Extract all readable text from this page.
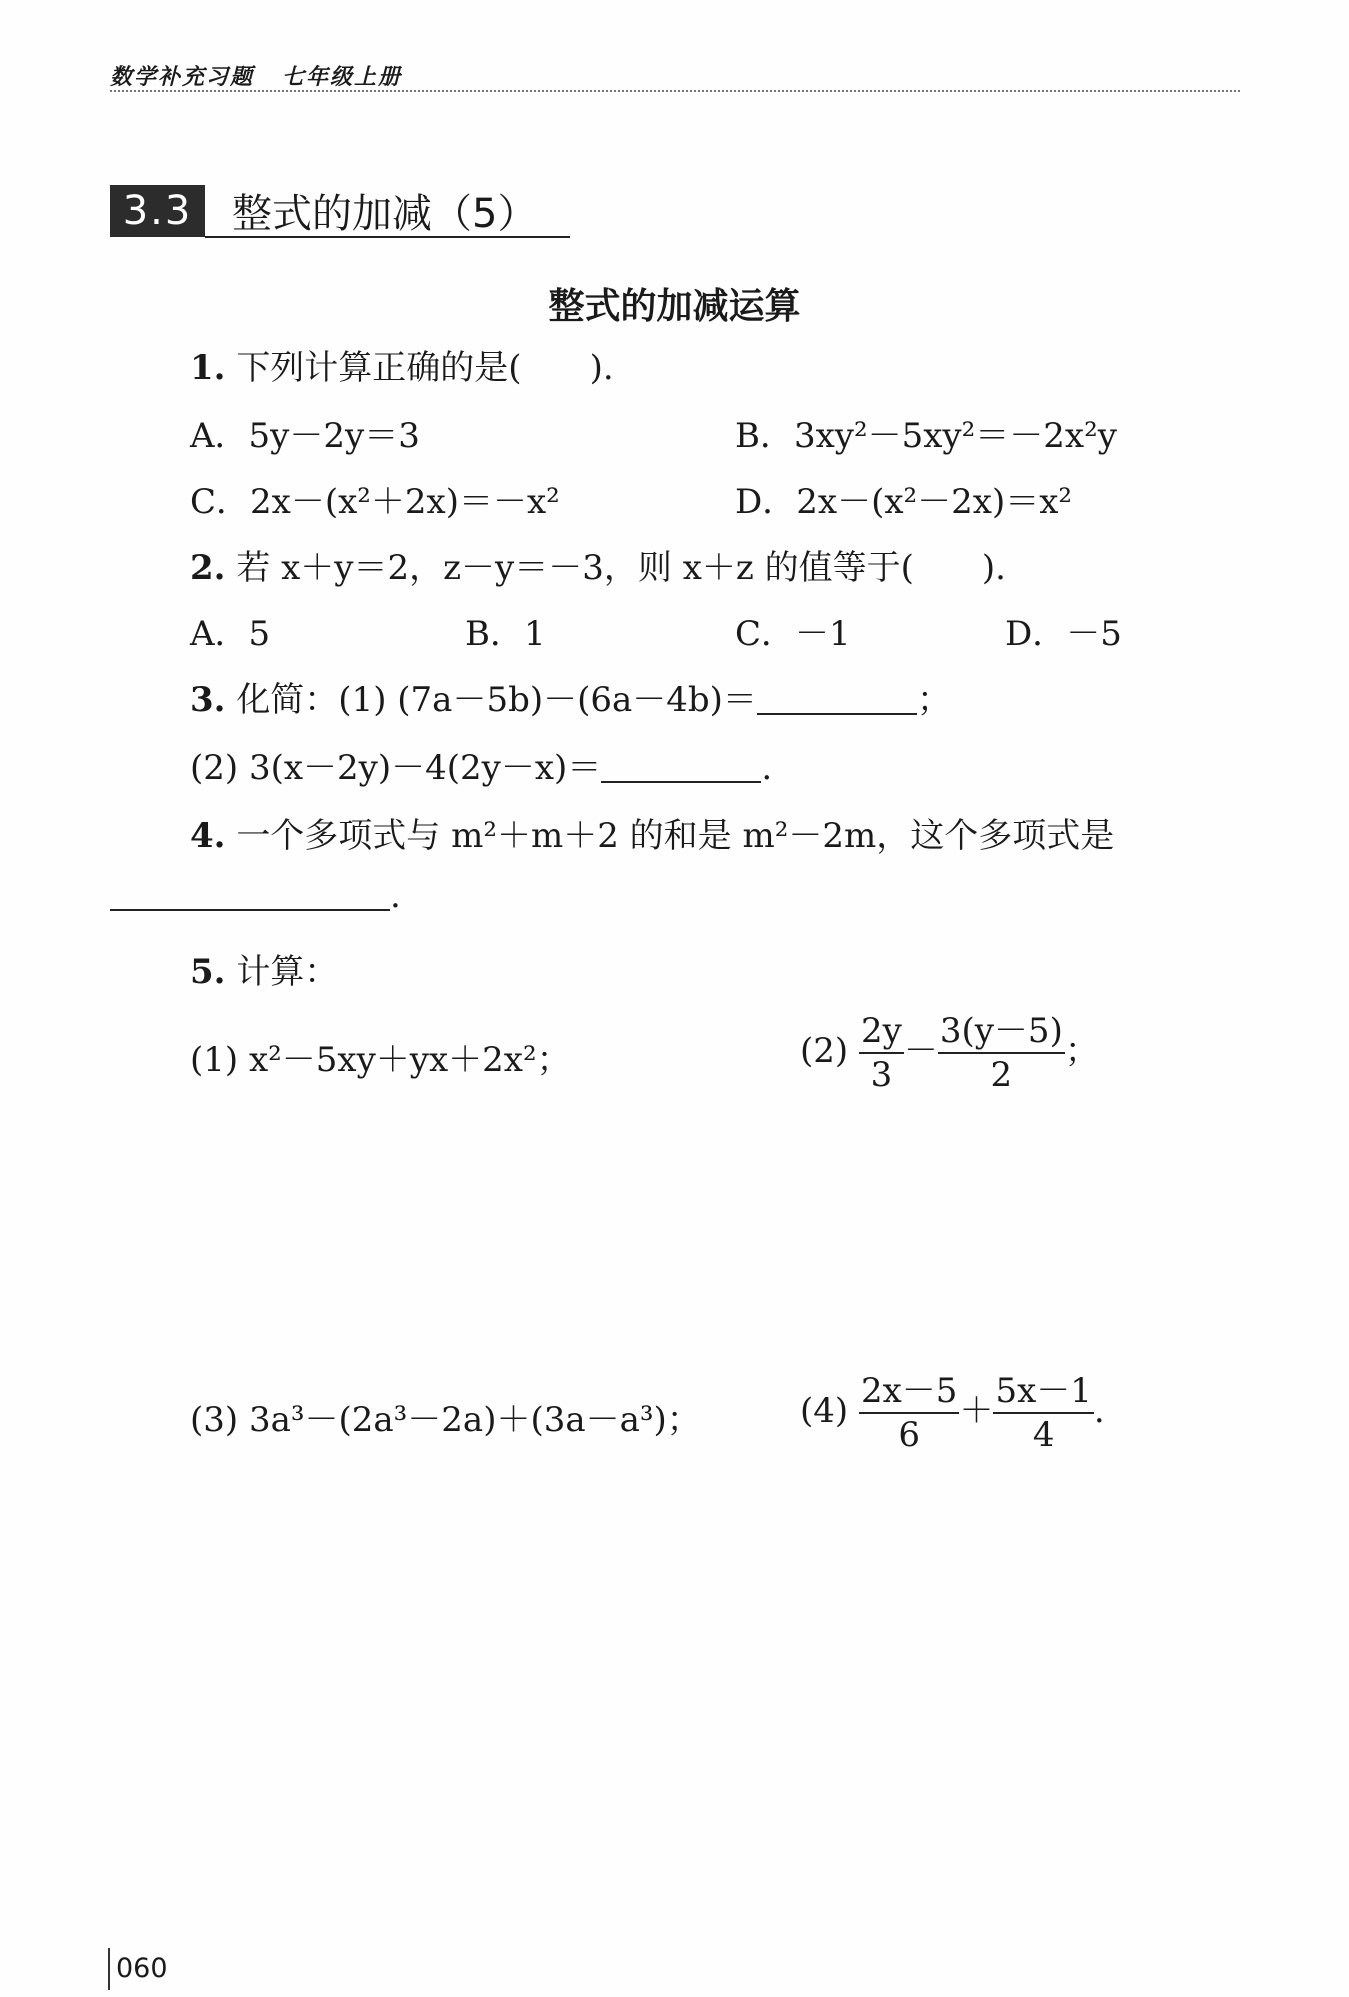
数学补充习题 七年级上册
3.3 整式的加减（5）
整式的加减运算
1. 下列计算正确的是(　　).
A．5y－2y＝3	B．3xy²－5xy²＝－2x²y
C．2x－(x²＋2x)＝－x²	D．2x－(x²－2x)＝x²
2. 若 x＋y＝2，z－y＝－3，则 x＋z 的值等于(　　).
A．5	B．1	C．－1	D．－5
3. 化简：(1) (7a－5b)－(6a－4b)＝	；
(2) 3(x－2y)－4(2y－x)＝	.
4. 一个多项式与 m²＋m＋2 的和是 m²－2m，这个多项式是
.
5. 计算：
(1) x²－5xy＋yx＋2x²；	$(2) \frac{2y}{3} - \frac{3(y-5)}{2}$ ；
(3) 3a³－(2a³－2a)＋(3a－a³)；	$(4) \frac{2x-5}{6} + \frac{5x-1}{4}$ .
060
